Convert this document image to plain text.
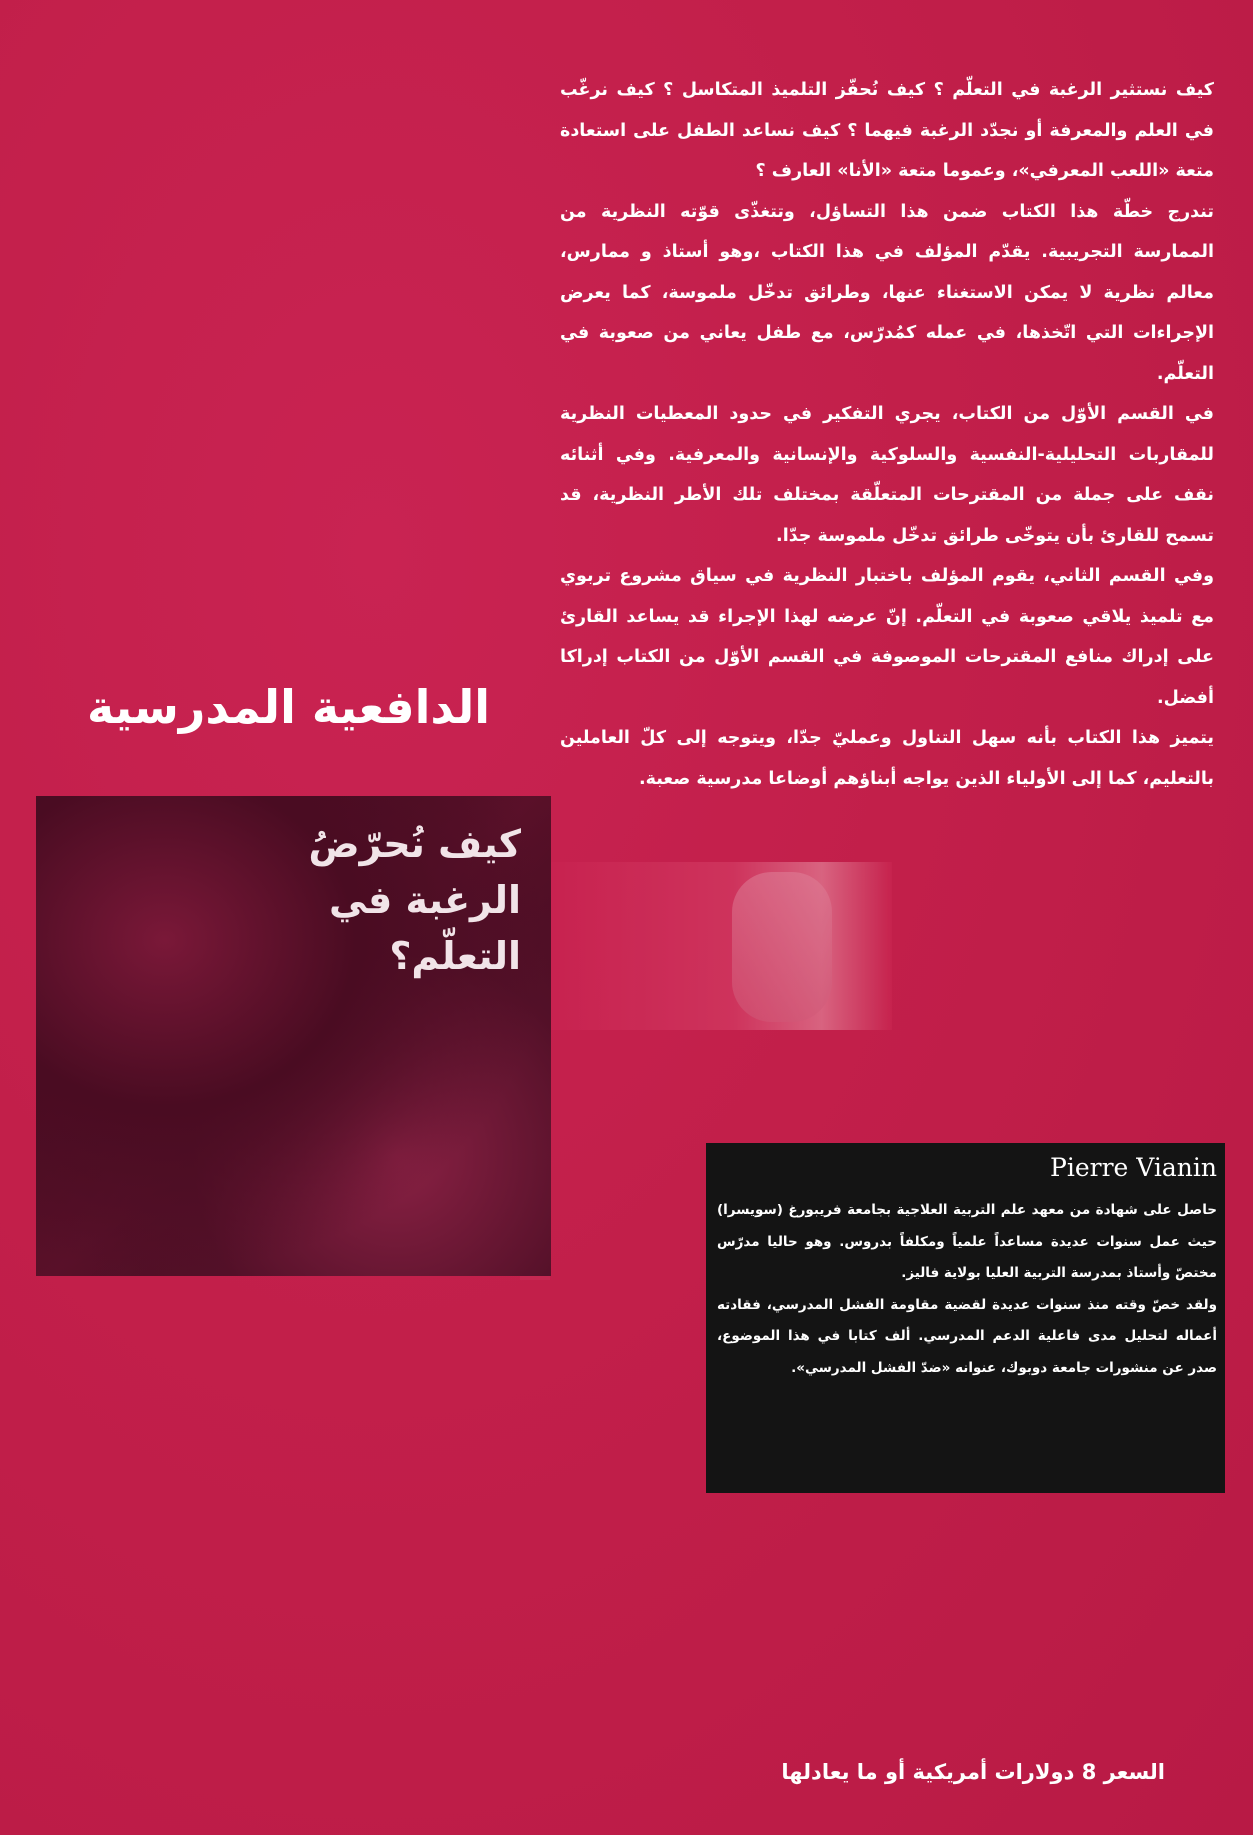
كيف نستثير الرغبة في التعلّم ؟ كيف نُحفّز التلميذ المتكاسل ؟ كيف نرغّب في العلم والمعرفة أو نجدّد الرغبة فيهما ؟ كيف نساعد الطفل على استعادة متعة «اللعب المعرفي»، وعموما متعة «الأنا» العارف ؟

تندرج خطّة هذا الكتاب ضمن هذا التساؤل، وتتغذّى قوّته النظرية من الممارسة التجريبية. يقدّم المؤلف في هذا الكتاب ،وهو أستاذ و ممارس، معالم نظرية لا يمكن الاستغناء عنها، وطرائق تدخّل ملموسة، كما يعرض الإجراءات التي اتّخذها، في عمله كمُدرّس، مع طفل يعاني من صعوبة في التعلّم.

في القسم الأوّل من الكتاب، يجري التفكير في حدود المعطيات النظرية للمقاربات التحليلية-النفسية والسلوكية والإنسانية والمعرفية. وفي أثنائه نقف على جملة من المقترحات المتعلّقة بمختلف تلك الأطر النظرية، قد تسمح للقارئ بأن يتوخّى طرائق تدخّل ملموسة جدّا.

وفي القسم الثاني، يقوم المؤلف باختبار النظرية في سياق مشروع تربوي مع تلميذ يلاقي صعوبة في التعلّم. إنّ عرضه لهذا الإجراء قد يساعد القارئ على إدراك منافع المقترحات الموصوفة في القسم الأوّل من الكتاب إدراكا أفضل.

يتميز هذا الكتاب بأنه سهل التناول وعمليّ جدّا، ويتوجه إلى كلّ العاملين بالتعليم، كما إلى الأولياء الذين يواجه أبناؤهم أوضاعا مدرسية صعبة.

الدافعية المدرسية
كيف نُحرّضُ
الرغبة في
التعلّم؟
Pierre Vianin

حاصل على شهادة من معهد علم التربية العلاجية بجامعة فريبورغ (سويسرا) حيث عمل سنوات عديدة مساعداً علمياً ومكلفاً بدروس. وهو حاليا مدرّس مختصّ وأستاذ بمدرسة التربية العليا بولاية فاليز.

ولقد خصّ وقته منذ سنوات عديدة لقضية مقاومة الفشل المدرسي، فقادته أعماله لتحليل مدى فاعلية الدعم المدرسي. ألف كتابا في هذا الموضوع، صدر عن منشورات جامعة دوبوك، عنوانه «ضدّ الفشل المدرسي».

السعر 8 دولارات أمريكية أو ما يعادلها
